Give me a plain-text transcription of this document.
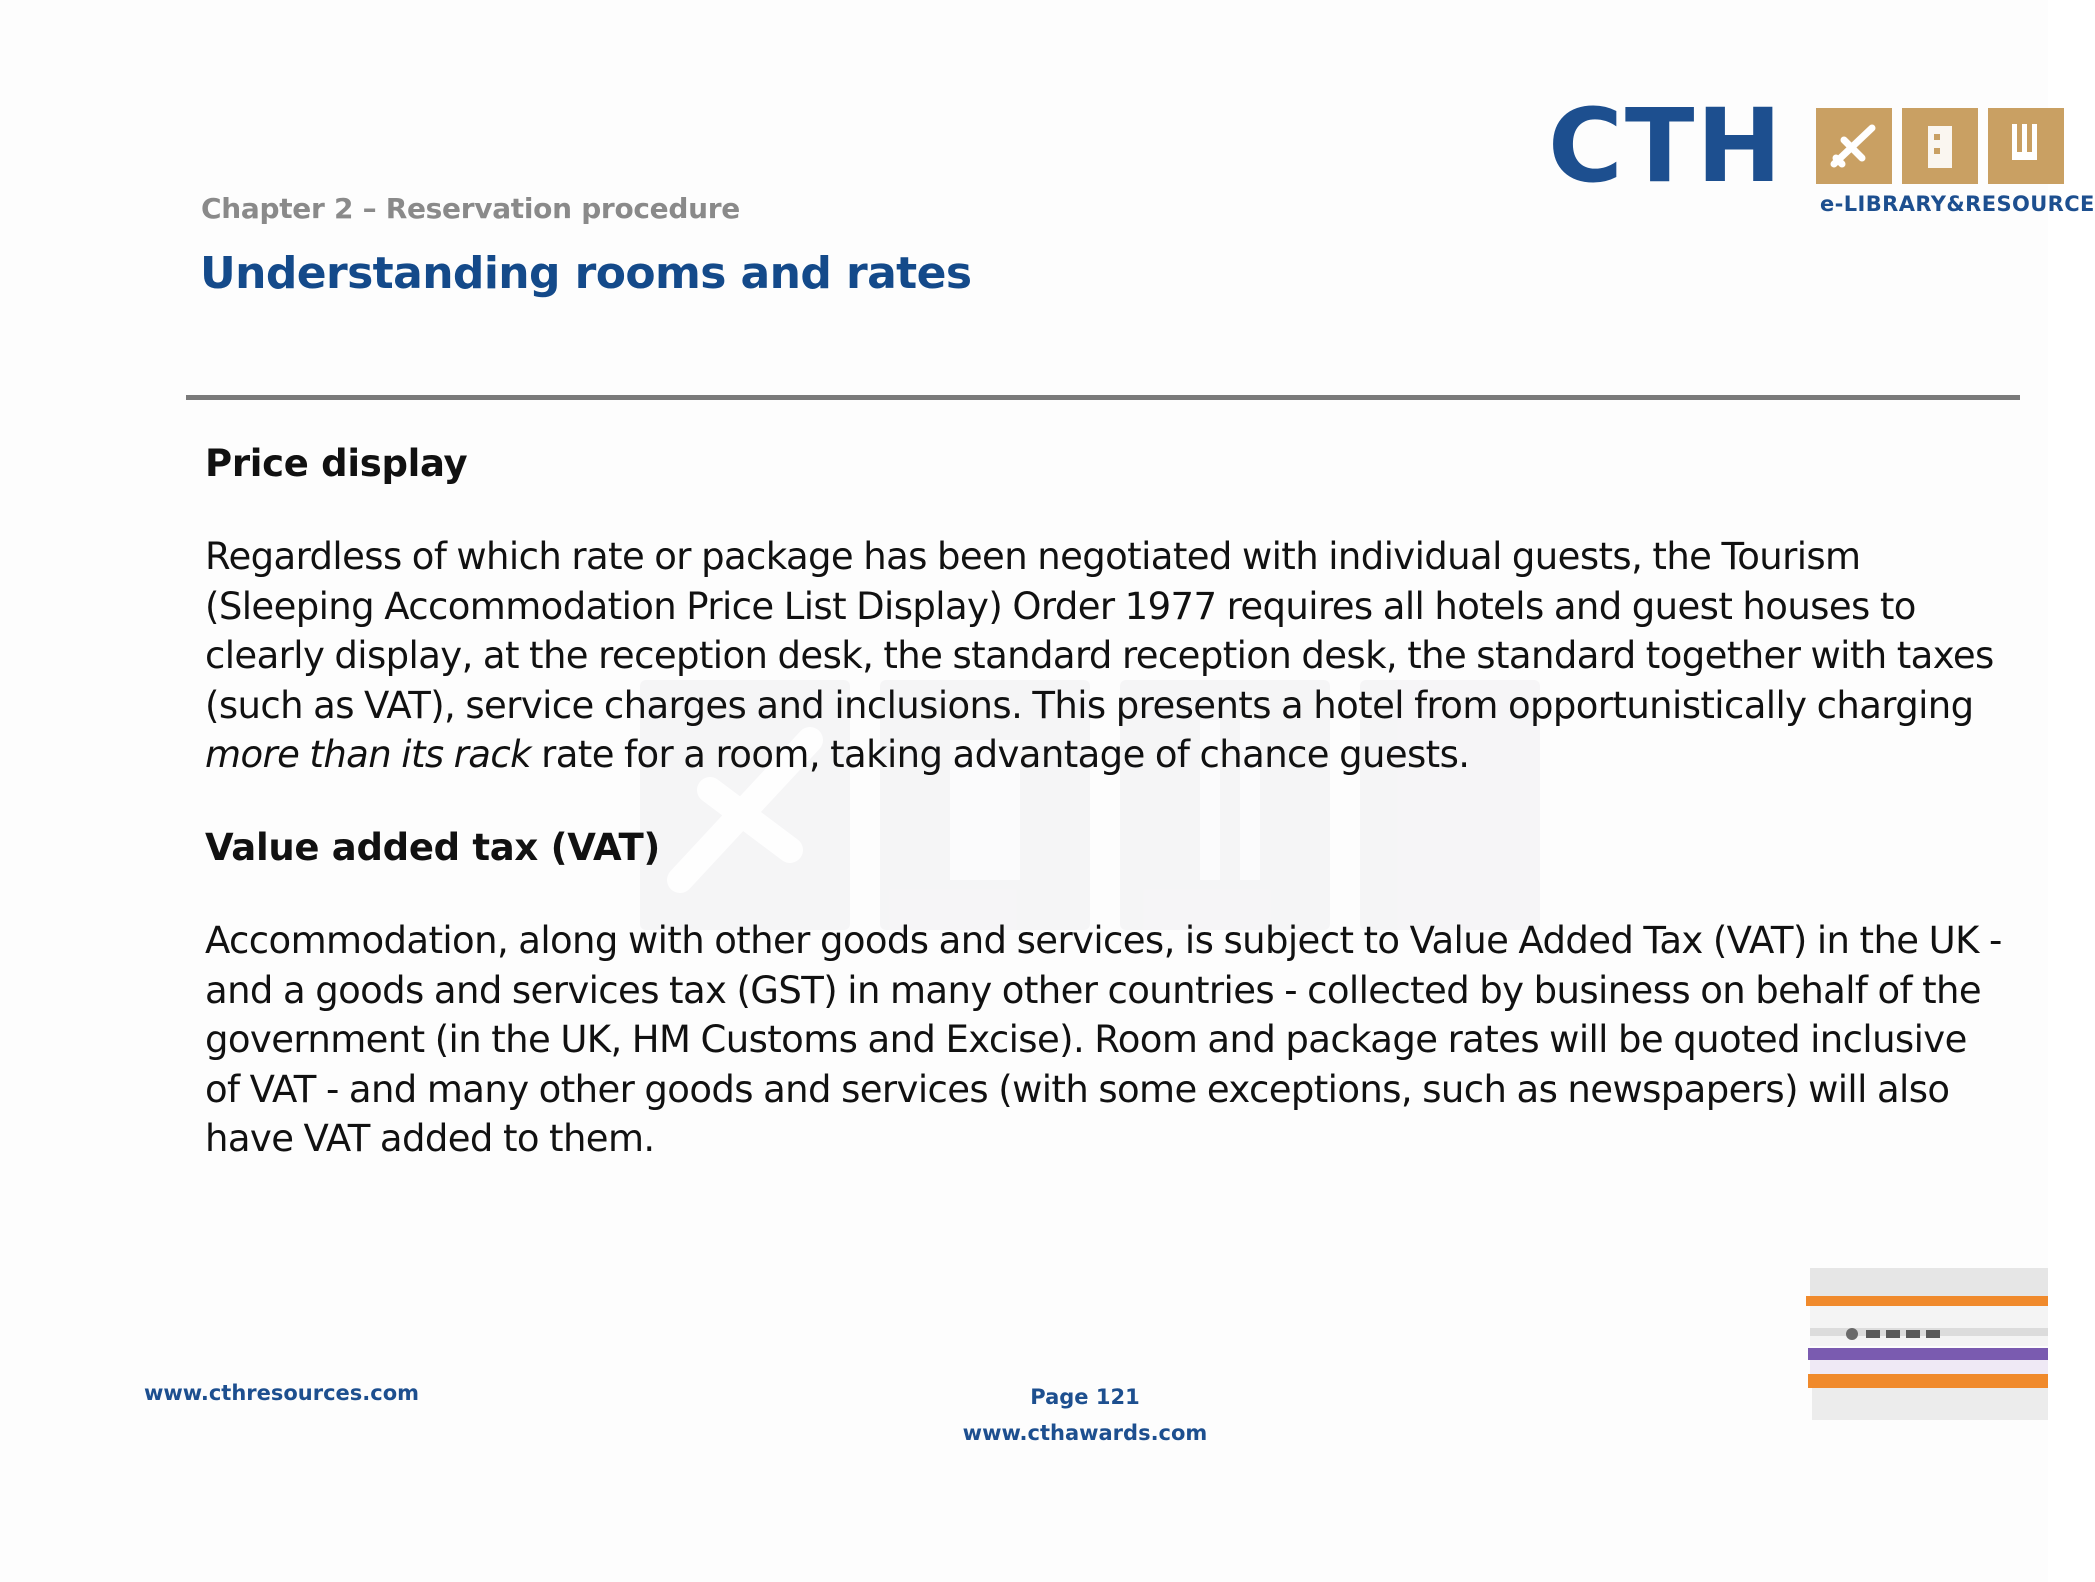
CTH e-LIBRARY&RESOURCE
Chapter 2 – Reservation procedure
Understanding rooms and rates
Price display

Regardless of which rate or package has been negotiated with individual guests, the Tourism (Sleeping Accommodation Price List Display) Order 1977 requires all hotels and guest houses to clearly display, at the reception desk, the standard reception desk, the standard together with taxes (such as VAT), service charges and inclusions. This presents a hotel from opportunistically charging more than its rack rate for a room, taking advantage of chance guests.

Value added tax (VAT)

Accommodation, along with other goods and services, is subject to Value Added Tax (VAT) in the UK - and a goods and services tax (GST) in many other countries - collected by business on behalf of the government (in the UK, HM Customs and Excise). Room and package rates will be quoted inclusive of VAT - and many other goods and services (with some exceptions, such as newspapers) will also have VAT added to them.

www.cthresources.com	Page 121
www.cthawards.com
